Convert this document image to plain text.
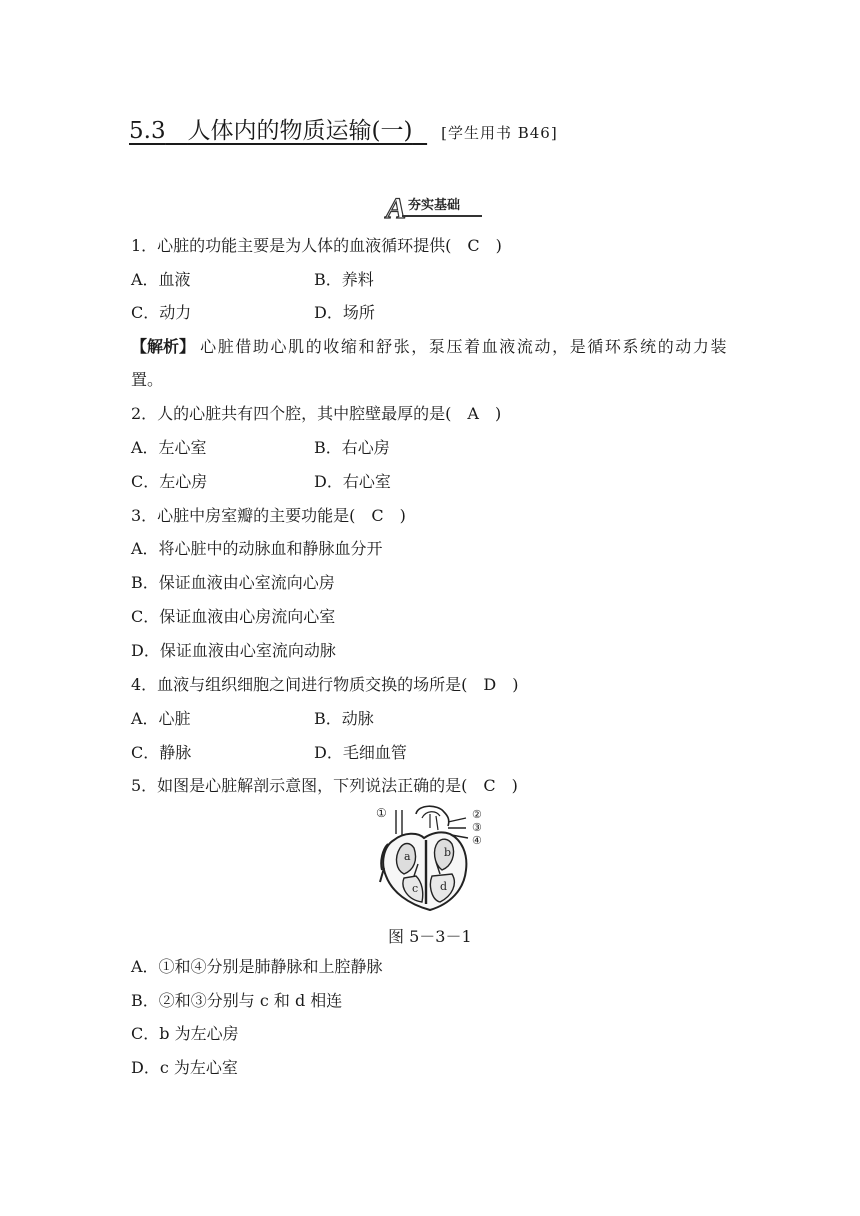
5.3 人体内的物质运输(一) [学生用书 B46]
A 夯实基础
1．心脏的功能主要是为人体的血液循环提供(　C　)
A．血液	B．养料
C．动力	D．场所
【解析】 心脏借助心肌的收缩和舒张，泵压着血液流动，是循环系统的动力装
置。
2．人的心脏共有四个腔，其中腔壁最厚的是(　A　)
A．左心室	B．右心房
C．左心房	D．右心室
3．心脏中房室瓣的主要功能是(　C　)
A．将心脏中的动脉血和静脉血分开
B．保证血液由心室流向心房
C．保证血液由心房流向心室
D．保证血液由心室流向动脉
4．血液与组织细胞之间进行物质交换的场所是(　D　)
A．心脏	B．动脉
C．静脉	D．毛细血管
5．如图是心脏解剖示意图，下列说法正确的是(　C　)
①	②
③
④
a	b
c d
图 5－3－1
A．①和④分别是肺静脉和上腔静脉
B．②和③分别与 c 和 d 相连
C．b 为左心房
D．c 为左心室
